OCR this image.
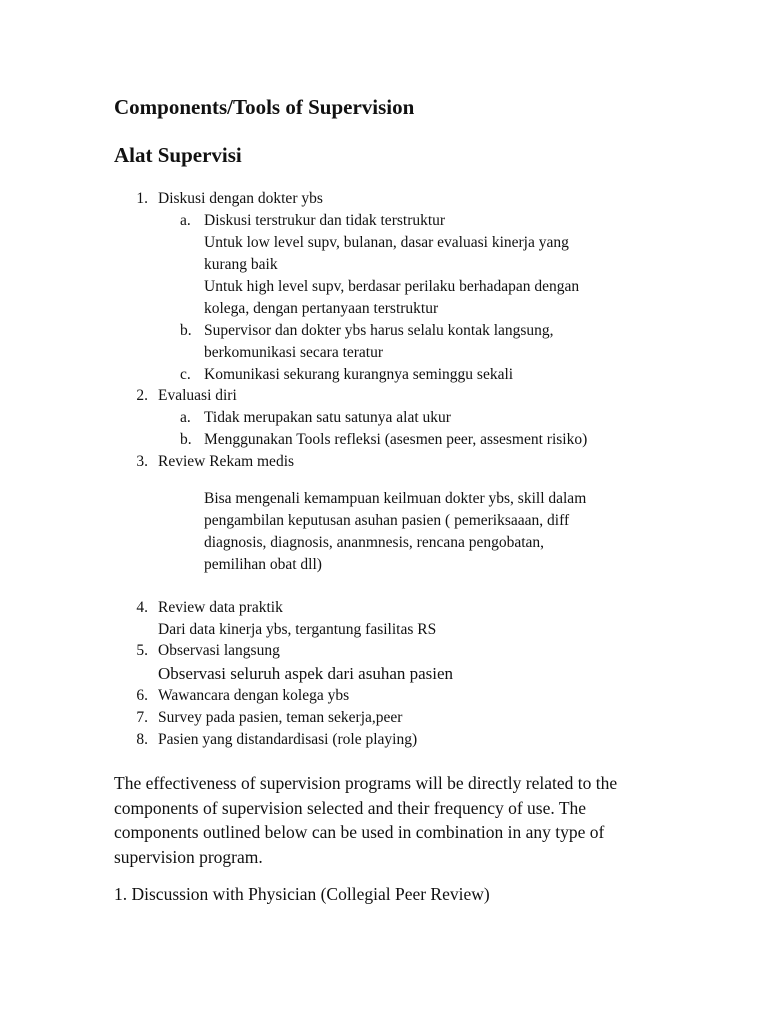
Components/Tools of Supervision
Alat Supervisi
1. Diskusi dengan dokter ybs
a. Diskusi terstrukur dan tidak terstruktur
Untuk low level supv, bulanan, dasar evaluasi kinerja yang
kurang baik
Untuk high level supv, berdasar perilaku berhadapan dengan
kolega, dengan pertanyaan terstruktur
b. Supervisor dan dokter ybs harus selalu kontak langsung,
berkomunikasi secara teratur
c. Komunikasi sekurang kurangnya seminggu sekali
2. Evaluasi diri
a. Tidak merupakan satu satunya alat ukur
b. Menggunakan Tools refleksi (asesmen peer, assesment risiko)
3. Review Rekam medis
Bisa mengenali kemampuan keilmuan dokter ybs, skill dalam
pengambilan keputusan asuhan pasien ( pemeriksaaan, diff
diagnosis, diagnosis, ananmnesis, rencana pengobatan,
pemilihan obat dll)
4. Review data praktik
Dari data kinerja ybs, tergantung fasilitas RS
5. Observasi langsung
Observasi seluruh aspek dari asuhan pasien
6. Wawancara dengan kolega ybs
7. Survey pada pasien, teman sekerja,peer
8. Pasien yang distandardisasi (role playing)
The effectiveness of supervision programs will be directly related to the components of supervision selected and their frequency of use. The components outlined below can be used in combination in any type of supervision program.
1. Discussion with Physician (Collegial Peer Review)
